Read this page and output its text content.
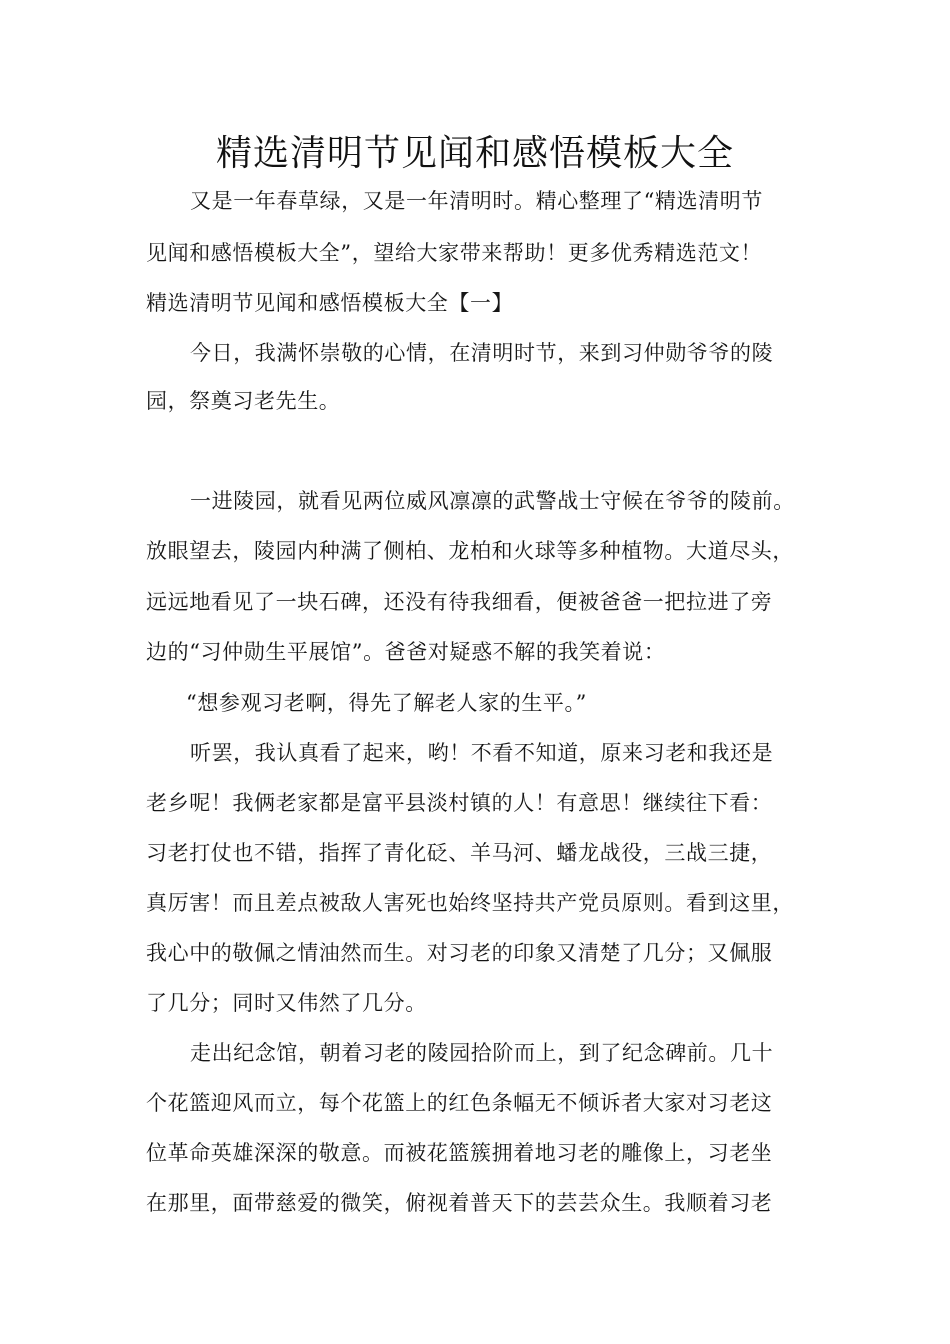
精选清明节见闻和感悟模板大全
又是一年春草绿，又是一年清明时。精心整理了“精选清明节
见闻和感悟模板大全”，望给大家带来帮助！更多优秀精选范文！
精选清明节见闻和感悟模板大全【一】
今日，我满怀崇敬的心情，在清明时节，来到习仲勋爷爷的陵
园，祭奠习老先生。
一进陵园，就看见两位威风凛凛的武警战士守候在爷爷的陵前。
放眼望去，陵园内种满了侧柏、龙柏和火球等多种植物。大道尽头，
远远地看见了一块石碑，还没有待我细看，便被爸爸一把拉进了旁
边的“习仲勋生平展馆”。爸爸对疑惑不解的我笑着说：
“想参观习老啊，得先了解老人家的生平。”
听罢，我认真看了起来，哟！不看不知道，原来习老和我还是
老乡呢！我俩老家都是富平县淡村镇的人！有意思！继续往下看：
习老打仗也不错，指挥了青化砭、羊马河、蟠龙战役，三战三捷，
真厉害！而且差点被敌人害死也始终坚持共产党员原则。看到这里，
我心中的敬佩之情油然而生。对习老的印象又清楚了几分；又佩服
了几分；同时又伟然了几分。
走出纪念馆，朝着习老的陵园拾阶而上，到了纪念碑前。几十
个花篮迎风而立，每个花篮上的红色条幅无不倾诉者大家对习老这
位革命英雄深深的敬意。而被花篮簇拥着地习老的雕像上，习老坐
在那里，面带慈爱的微笑，俯视着普天下的芸芸众生。我顺着习老
